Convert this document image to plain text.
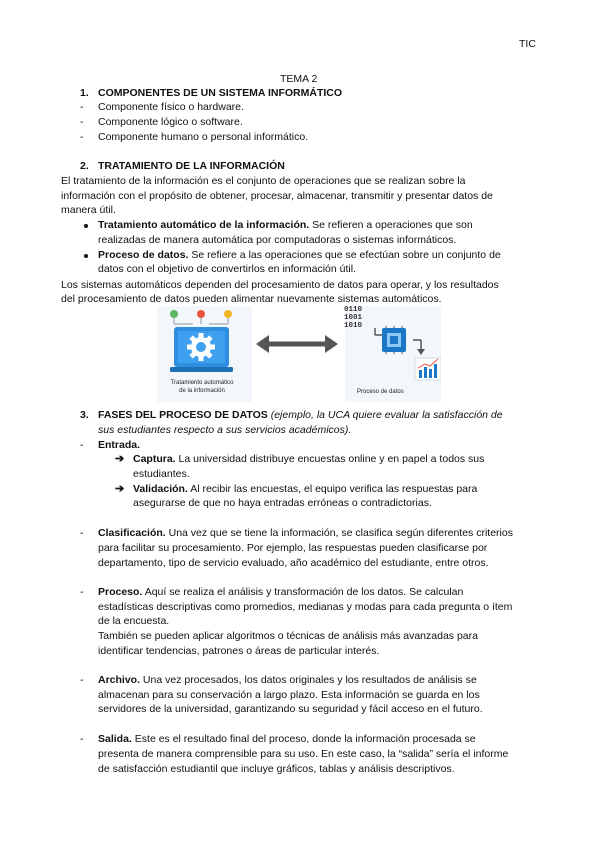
TIC
TEMA 2
1. COMPONENTES DE UN SISTEMA INFORMÁTICO
- Componente físico o hardware.
- Componente lógico o software.
- Componente humano o personal informático.
2. TRATAMIENTO DE LA INFORMACIÓN
El tratamiento de la información es el conjunto de operaciones que se realizan sobre la
información con el propósito de obtener, procesar, almacenar, transmitir y presentar datos de
manera útil.
Tratamiento automático de la información. Se refieren a operaciones que son
realizadas de manera automática por computadoras o sistemas informáticos.
Proceso de datos. Se refiere a las operaciones que se efectúan sobre un conjunto de
datos con el objetivo de convertirlos en información útil.
Los sistemas automáticos dependen del procesamiento de datos para operar, y los resultados
del procesamiento de datos pueden alimentar nuevamente sistemas automáticos.
0110
1001
1010
Tratamiento automático
de la información	Proceso de datos
3. FASES DEL PROCESO DE DATOS (ejemplo, la UCA quiere evaluar la satisfacción de
sus estudiantes respecto a sus servicios académicos).
- Entrada.
➔ Captura. La universidad distribuye encuestas online y en papel a todos sus
estudiantes.
➔ Validación. Al recibir las encuestas, el equipo verifica las respuestas para
asegurarse de que no haya entradas erróneas o contradictorias.
- Clasificación. Una vez que se tiene la información, se clasifica según diferentes criterios
para facilitar su procesamiento. Por ejemplo, las respuestas pueden clasificarse por
departamento, tipo de servicio evaluado, año académico del estudiante, entre otros.
- Proceso. Aquí se realiza el análisis y transformación de los datos. Se calculan
estadísticas descriptivas como promedios, medianas y modas para cada pregunta o ítem
de la encuesta.
También se pueden aplicar algoritmos o técnicas de análisis más avanzadas para
identificar tendencias, patrones o áreas de particular interés.
- Archivo. Una vez procesados, los datos originales y los resultados de análisis se
almacenan para su conservación a largo plazo. Esta información se guarda en los
servidores de la universidad, garantizando su seguridad y fácil acceso en el futuro.
- Salida. Este es el resultado final del proceso, donde la información procesada se
presenta de manera comprensible para su uso. En este caso, la “salida” sería el informe
de satisfacción estudiantil que incluye gráficos, tablas y análisis descriptivos.
